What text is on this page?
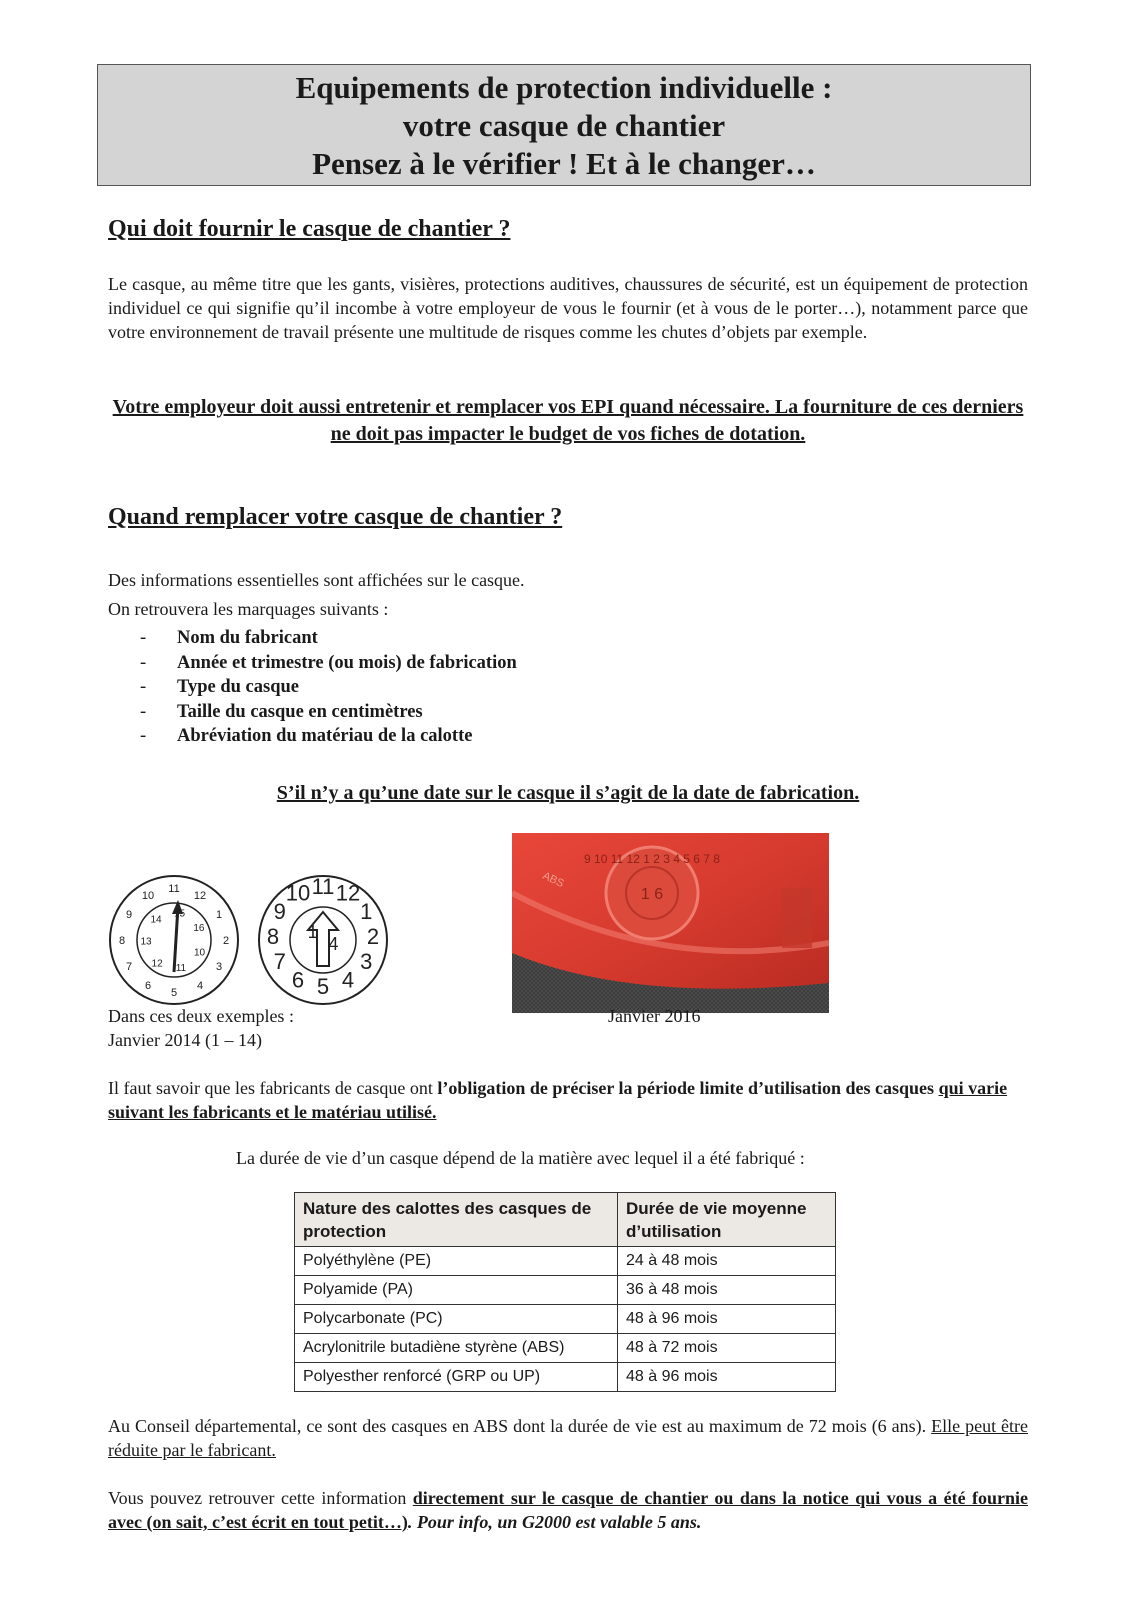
Equipements de protection individuelle :
votre casque de chantier
Pensez à le vérifier ! Et à le changer…
Qui doit fournir le casque de chantier ?
Le casque, au même titre que les gants, visières, protections auditives, chaussures de sécurité, est un équipement de protection individuel ce qui signifie qu’il incombe à votre employeur de vous le fournir (et à vous de le porter…), notamment parce que votre environnement de travail présente une multitude de risques comme les chutes d’objets par exemple.
Votre employeur doit aussi entretenir et remplacer vos EPI quand nécessaire. La fourniture de ces derniers ne doit pas impacter le budget de vos fiches de dotation.
Quand remplacer votre casque de chantier ?
Des informations essentielles sont affichées sur le casque.
On retrouvera les marquages suivants :
- Nom du fabricant
- Année et trimestre (ou mois) de fabrication
- Type du casque
- Taille du casque en centimètres
- Abréviation du matériau de la calotte
S’il n’y a qu’une date sur le casque il s’agit de la date de fabrication.
10
11
12
1
2
3
4
5
6
7
8
9 14
15
16
10
11
12
13
10 11 12
1
2
3
4
5
6
7
8
9
1
4
9 10 11 12 1 2 3 4 5 6 7 8
1 6
ABS
Dans ces deux exemples :
Janvier 2014 (1 – 14)
Janvier 2016
Il faut savoir que les fabricants de casque ont l’obligation de préciser la période limite d’utilisation des casques qui varie suivant les fabricants et le matériau utilisé.
La durée de vie d’un casque dépend de la matière avec lequel il a été fabriqué :
Nature des calottes des casques de protection	Durée de vie moyenne d’utilisation
Polyéthylène (PE)	24 à 48 mois
Polyamide (PA)	36 à 48 mois
Polycarbonate (PC)	48 à 96 mois
Acrylonitrile butadiène styrène (ABS)	48 à 72 mois
Polyesther renforcé (GRP ou UP)	48 à 96 mois
Au Conseil départemental, ce sont des casques en ABS dont la durée de vie est au maximum de 72 mois (6 ans). Elle peut être réduite par le fabricant.
Vous pouvez retrouver cette information directement sur le casque de chantier ou dans la notice qui vous a été fournie avec (on sait, c’est écrit en tout petit…). Pour info, un G2000 est valable 5 ans.
